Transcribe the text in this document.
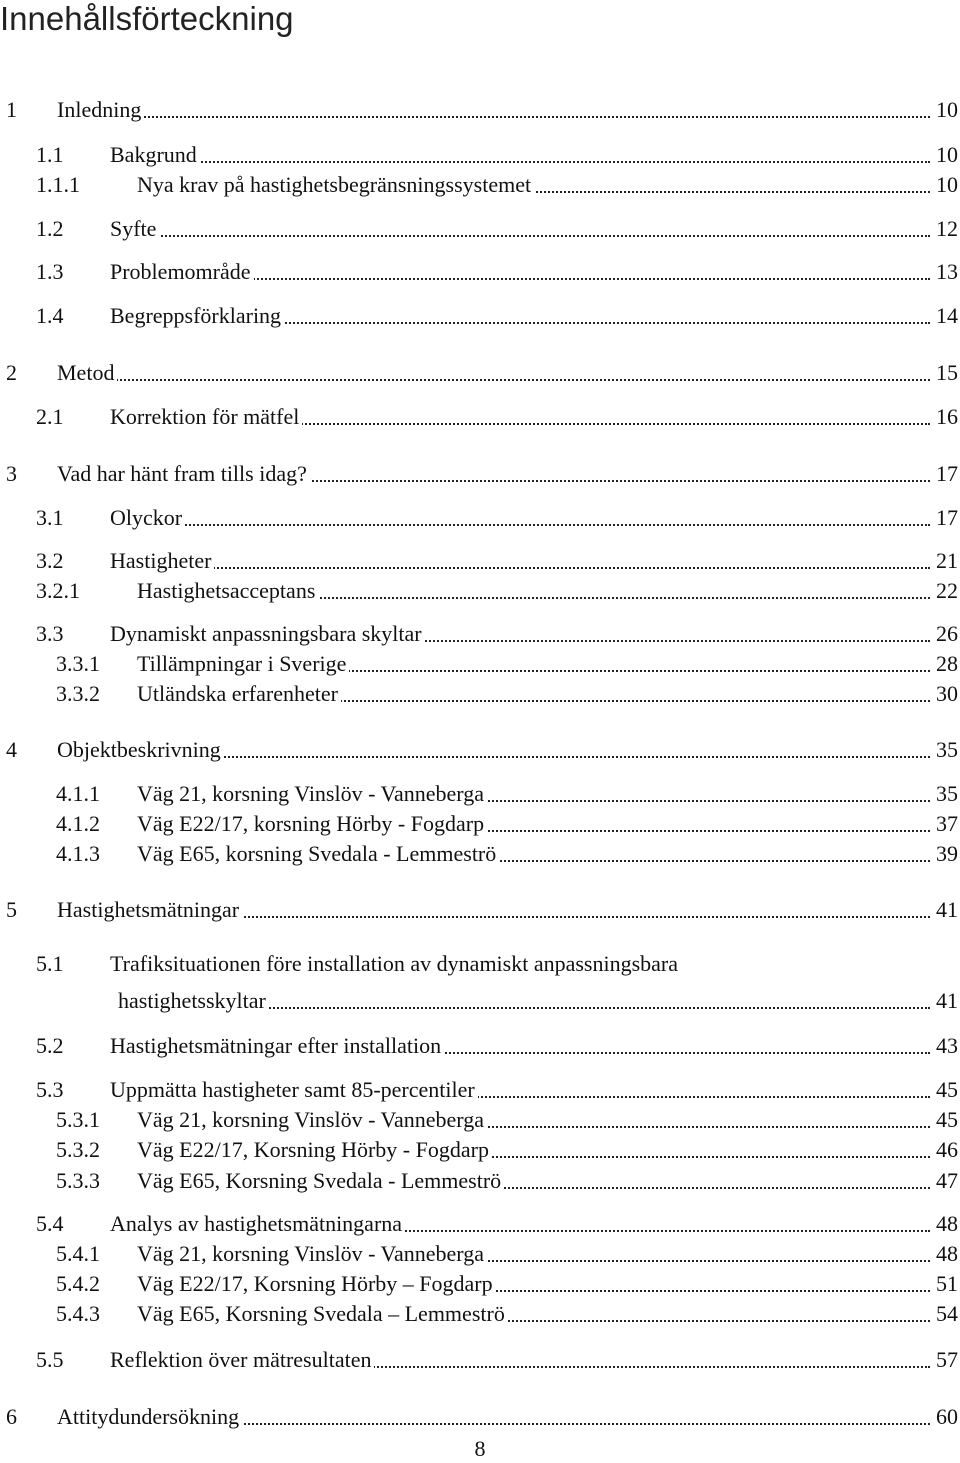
Innehållsförteckning
1 Inledning	10
1.1 Bakgrund	10
1.1.1	Nya krav på hastighetsbegränsningssystemet	10
1.2 Syfte	12
1.3 Problemområde	13
1.4 Begreppsförklaring	14
2 Metod	15
2.1 Korrektion för mätfel	16
3 Vad har hänt fram tills idag?	17
3.1 Olyckor	17
3.2 Hastigheter	21
3.2.1	Hastighetsacceptans	22
3.3 Dynamiskt anpassningsbara skyltar	26
3.3.1 Tillämpningar i Sverige	28
3.3.2 Utländska erfarenheter	30
4 Objektbeskrivning	35
4.1.1 Väg 21, korsning Vinslöv - Vanneberga	35
4.1.2 Väg E22/17, korsning Hörby - Fogdarp	37
4.1.3 Väg E65, korsning Svedala - Lemmeströ	39
5 Hastighetsmätningar	41
5.1 Trafiksituationen före installation av dynamiskt anpassningsbara
hastighetsskyltar	41
5.2 Hastighetsmätningar efter installation	43
5.3 Uppmätta hastigheter samt 85-percentiler	45
5.3.1 Väg 21, korsning Vinslöv - Vanneberga	45
5.3.2 Väg E22/17, Korsning Hörby - Fogdarp	46
5.3.3 Väg E65, Korsning Svedala - Lemmeströ	47
5.4 Analys av hastighetsmätningarna	48
5.4.1 Väg 21, korsning Vinslöv - Vanneberga	48
5.4.2 Väg E22/17, Korsning Hörby – Fogdarp	51
5.4.3 Väg E65, Korsning Svedala – Lemmeströ	54
5.5 Reflektion över mätresultaten	57
6 Attitydundersökning	60
8
